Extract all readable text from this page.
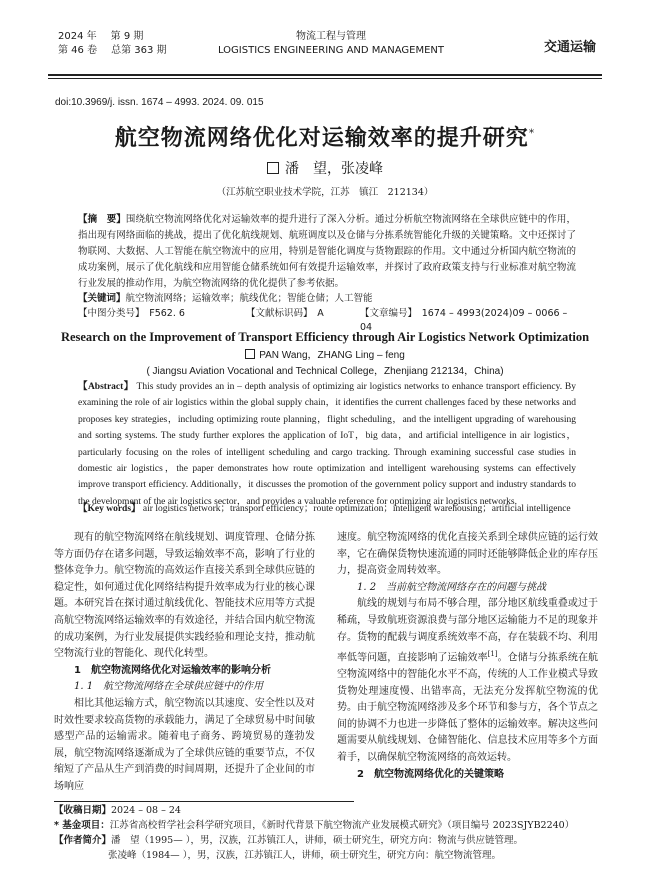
2024 年 第 9 期
第 46 卷 总第 363 期
物流工程与管理
LOGISTICS ENGINEERING AND MANAGEMENT	交通运输
doi:10.3969/j. issn. 1674 – 4993. 2024. 09. 015
航空物流网络优化对运输效率的提升研究*
潘　望，张凌峰
（江苏航空职业技术学院，江苏　镇江　212134）
【摘　要】围绕航空物流网络优化对运输效率的提升进行了深入分析。通过分析航空物流网络在全球供应链中的作用，指出现有网络面临的挑战，提出了优化航线规划、航班调度以及仓储与分拣系统智能化升级的关键策略。文中还探讨了物联网、大数据、人工智能在航空物流中的应用，特别是智能化调度与货物跟踪的作用。文中通过分析国内航空物流的成功案例，展示了优化航线和应用智能仓储系统如何有效提升运输效率，并探讨了政府政策支持与行业标准对航空物流行业发展的推动作用，为航空物流网络的优化提供了参考依据。
【关键词】航空物流网络；运输效率；航线优化；智能仓储；人工智能
【中图分类号】　F562. 6	【文献标识码】　A	【文章编号】　1674 – 4993(2024)09 – 0066 – 04
Research on the Improvement of Transport Efficiency through Air Logistics Network Optimization
PAN Wang，ZHANG Ling – feng
( Jiangsu Aviation Vocational and Technical College，Zhenjiang 212134，China)
【Abstract】 This study provides an in – depth analysis of optimizing air logistics networks to enhance transport efficiency. By examining the role of air logistics within the global supply chain，it identifies the current challenges faced by these networks and proposes key strategies，including optimizing route planning，flight scheduling，and the intelligent upgrading of warehousing and sorting systems. The study further explores the application of IoT，big data，and artificial intelligence in air logistics，particularly focusing on the roles of intelligent scheduling and cargo tracking. Through examining successful case studies in domestic air logistics，the paper demonstrates how route optimization and intelligent warehousing systems can effectively improve transport efficiency. Additionally，it discusses the promotion of the government policy support and industry standards to the development of the air logistics sector，and provides a valuable reference for optimizing air logistics networks.
【Key words】 air logistics network；transport efficiency；route optimization；intelligent warehousing；artificial intelligence

现有的航空物流网络在航线规划、调度管理、仓储分拣等方面仍存在诸多问题，导致运输效率不高，影响了行业的整体竞争力。航空物流的高效运作直接关系到全球供应链的稳定性，如何通过优化网络结构提升效率成为行业的核心课题。本研究旨在探讨通过航线优化、智能技术应用等方式提高航空物流网络运输效率的有效途径，并结合国内航空物流的成功案例，为行业发展提供实践经验和理论支持，推动航空物流行业的智能化、现代化转型。

1　航空物流网络优化对运输效率的影响分析

1. 1　航空物流网络在全球供应链中的作用

相比其他运输方式，航空物流以其速度、安全性以及对时效性要求较高货物的承载能力，满足了全球贸易中时间敏感型产品的运输需求。随着电子商务、跨境贸易的蓬勃发展，航空物流网络逐渐成为了全球供应链的重要节点，不仅缩短了产品从生产到消费的时间周期，还提升了企业间的市场响应

速度。航空物流网络的优化直接关系到全球供应链的运行效率，它在确保货物快速流通的同时还能够降低企业的库存压力，提高资金周转效率。

1. 2　当前航空物流网络存在的问题与挑战

航线的规划与布局不够合理，部分地区航线重叠或过于稀疏，导致航班资源浪费与部分地区运输能力不足的现象并存。货物的配载与调度系统效率不高，存在装载不均、利用率低等问题，直接影响了运输效率[1]。仓储与分拣系统在航空物流网络中的智能化水平不高，传统的人工作业模式导致货物处理速度慢、出错率高，无法充分发挥航空物流的优势。由于航空物流网络涉及多个环节和参与方，各个节点之间的协调不力也进一步降低了整体的运输效率。解决这些问题需要从航线规划、仓储智能化、信息技术应用等多个方面着手，以确保航空物流网络的高效运转。

2　航空物流网络优化的关键策略

【收稿日期】2024 – 08 – 24
* 基金项目：江苏省高校哲学社会科学研究项目，《新时代背景下航空物流产业发展模式研究》（项目编号 2023SJYB2240）
【作者简介】潘　望（1995— ），男，汉族，江苏镇江人，讲师，硕士研究生，研究方向：物流与供应链管理。
张凌峰（1984— ），男，汉族，江苏镇江人，讲师，硕士研究生，研究方向：航空物流管理。
